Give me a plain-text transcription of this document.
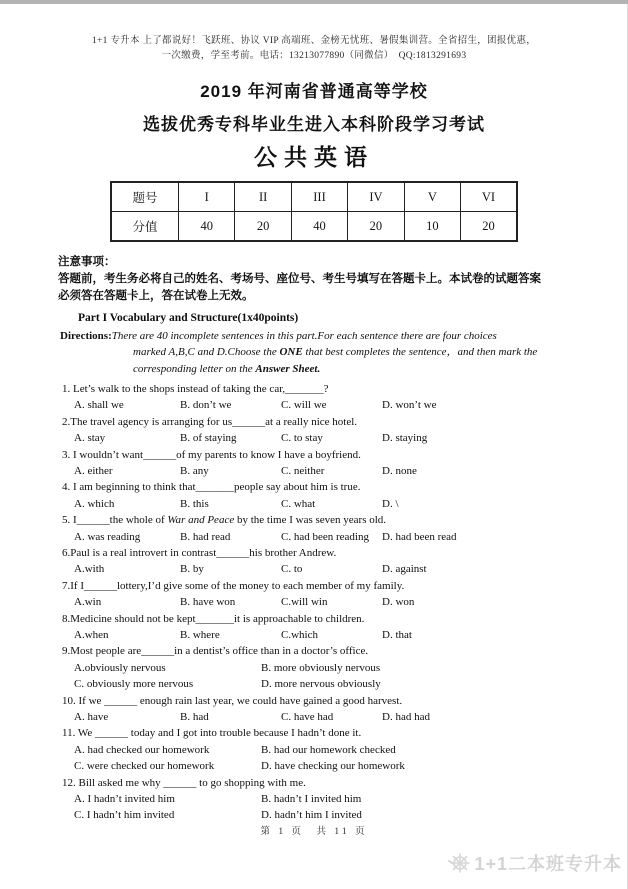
1+1 专升本 上了都说好！飞跃班、协议 VIP 高端班、金榜无忧班、暑假集训营。全省招生，团报优惠，
一次缴费，学至考前。电话：13213077890（同微信）　QQ:1813291693
2019 年河南省普通高等学校
选拔优秀专科毕业生进入本科阶段学习考试
公共英语
题号	I	II	III	IV	V	VI
分值	40	20	40	20	10	20
注意事项：
答题前，考生务必将自己的姓名、考场号、座位号、考生号填写在答题卡上。本试卷的试题答案
必须答在答题卡上，答在试卷上无效。
Part I Vocabulary and Structure(1x40points)
Directions:There are 40 incomplete sentences in this part.For each sentence there are four choices
marked A,B,C and D.Choose the ONE that best completes the sentence，and then mark the
corresponding letter on the Answer Sheet.
1. Let’s walk to the shops instead of taking the car,_______?
A. shall we	B. don’t we	C. will we	D. won’t we
2.The travel agency is arranging for us______at a really nice hotel.
A. stay	B. of staying	C. to stay	D. staying
3. I wouldn’t want______of my parents to know I have a boyfriend.
A. either	B. any	C. neither	D. none
4. I am beginning to think that_______people say about him is true.
A. which	B. this	C. what	D. \
5. I______the whole of War and Peace by the time I was seven years old.
A. was reading	B. had read	C. had been reading	D. had been read
6.Paul is a real introvert in contrast______his brother Andrew.
A.with	B. by	C. to	D. against
7.If I______lottery,I’d give some of the money to each member of my family.
A.win	B. have won	C.will win	D. won
8.Medicine should not be kept_______it is approachable to children.
A.when	B. where	C.which	D. that
9.Most people are______in a dentist’s office than in a doctor’s office.
A.obviously nervous	B. more obviously nervous
C. obviously more nervous	D. more nervous obviously
10. If we ______ enough rain last year, we could have gained a good harvest.
A. have	B. had	C. have had	D. had had
11. We ______ today and I got into trouble because I hadn’t done it.
A. had checked our homework	B. had our homework checked
C. were checked our homework	D. have checking our homework
12. Bill asked me why ______ to go shopping with me.
A. I hadn’t invited him	B. hadn’t I invited him
C. I hadn’t him invited	D. hadn’t him I invited
第 1 页　共 11 页
1+1二本班专升本
